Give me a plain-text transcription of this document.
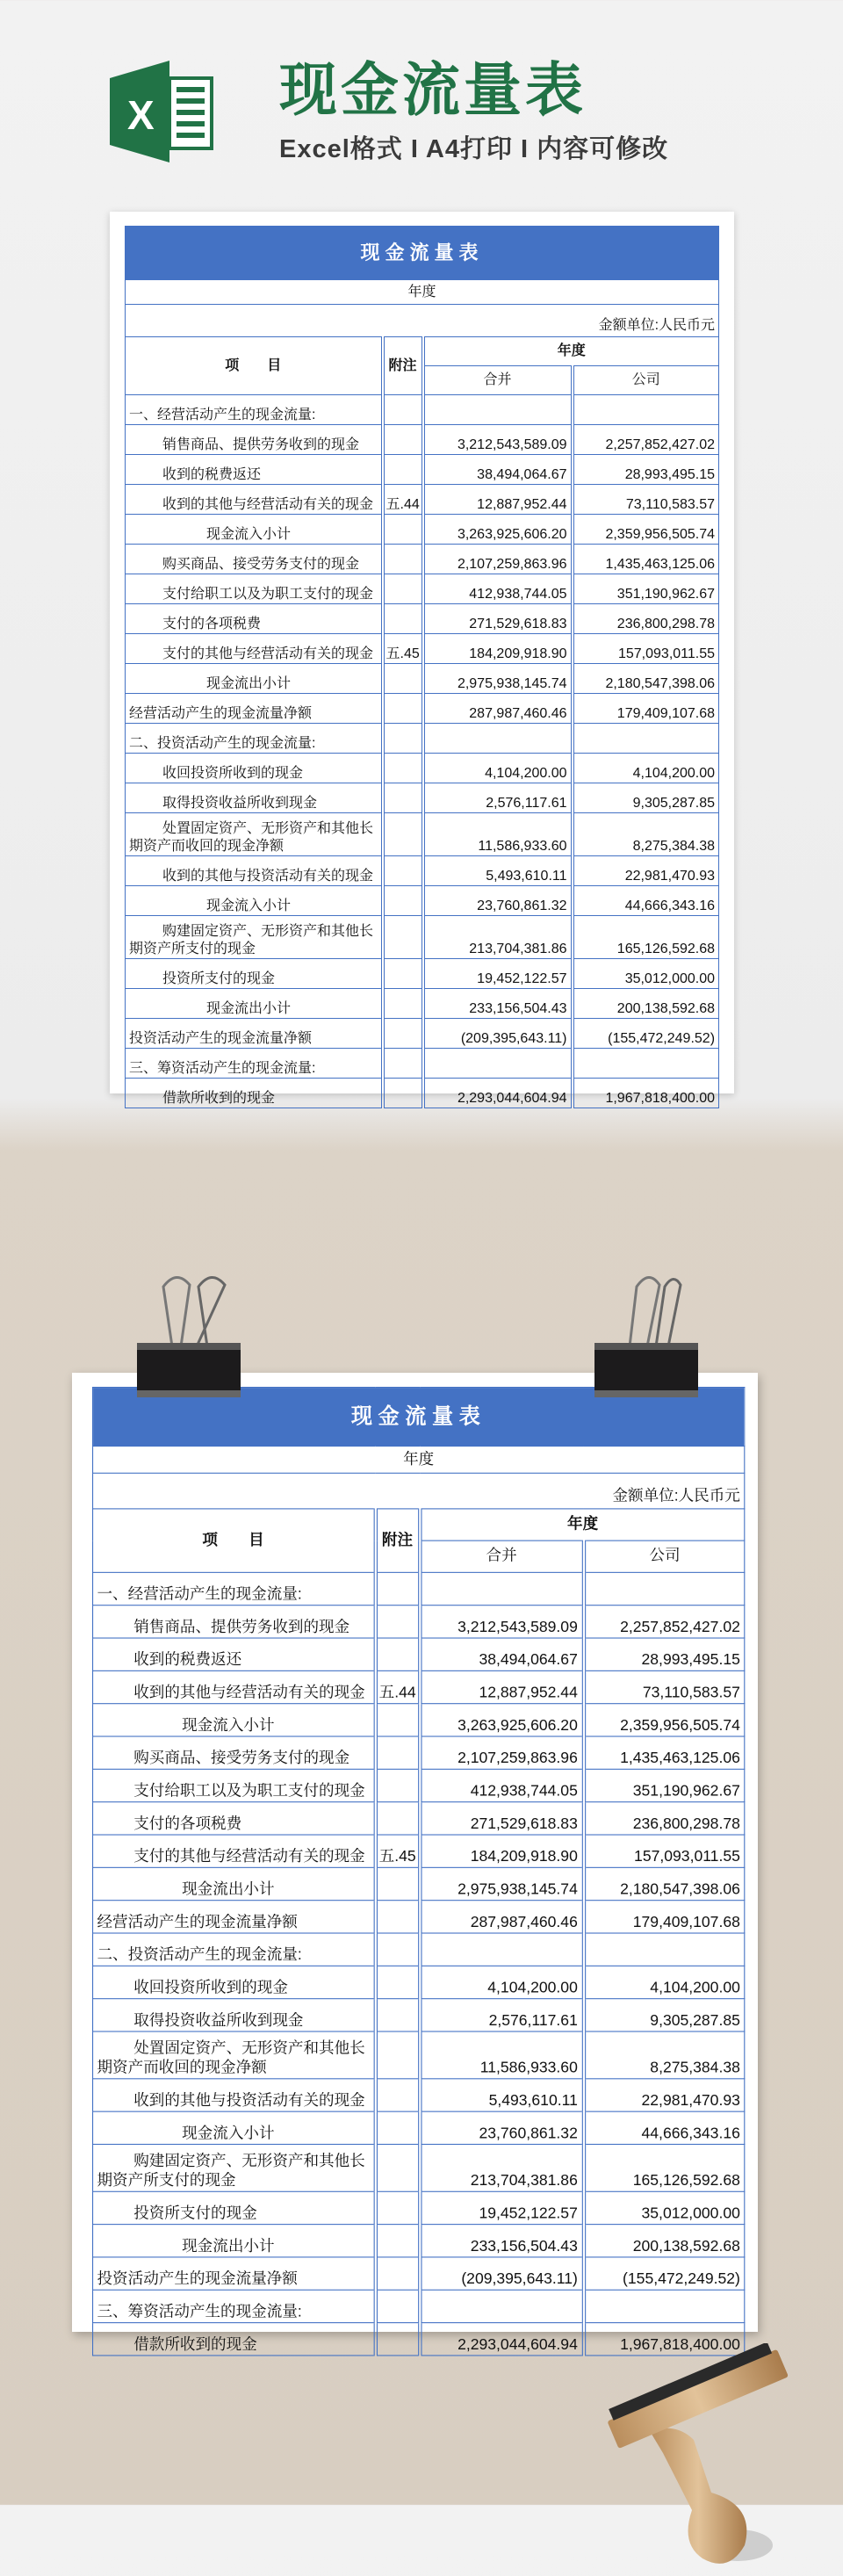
X 现金流量表
Excel格式 I A4打印 I 内容可修改
现金流量表			
年度			
金额单位:人民币元			
项　　目	附注	年度	
		合并	公司
一、经营活动产生的现金流量:			
销售商品、提供劳务收到的现金		3,212,543,589.09	2,257,852,427.02
收到的税费返还		38,494,064.67	28,993,495.15
收到的其他与经营活动有关的现金	五.44	12,887,952.44	73,110,583.57
现金流入小计		3,263,925,606.20	2,359,956,505.74
购买商品、接受劳务支付的现金		2,107,259,863.96	1,435,463,125.06
支付给职工以及为职工支付的现金		412,938,744.05	351,190,962.67
支付的各项税费		271,529,618.83	236,800,298.78
支付的其他与经营活动有关的现金	五.45	184,209,918.90	157,093,011.55
现金流出小计		2,975,938,145.74	2,180,547,398.06
经营活动产生的现金流量净额		287,987,460.46	179,409,107.68
二、投资活动产生的现金流量:			
收回投资所收到的现金		4,104,200.00	4,104,200.00
取得投资收益所收到现金		2,576,117.61	9,305,287.85
处置固定资产、无形资产和其他长期资产而收回的现金净额		11,586,933.60	8,275,384.38
收到的其他与投资活动有关的现金		5,493,610.11	22,981,470.93
现金流入小计		23,760,861.32	44,666,343.16
购建固定资产、无形资产和其他长期资产所支付的现金		213,704,381.86	165,126,592.68
投资所支付的现金		19,452,122.57	35,012,000.00
现金流出小计		233,156,504.43	200,138,592.68
投资活动产生的现金流量净额		(209,395,643.11)	(155,472,249.52)
三、筹资活动产生的现金流量:			
借款所收到的现金		2,293,044,604.94	1,967,818,400.00
现金流量表			
年度			
金额单位:人民币元			
项　　目	附注	年度	
		合并	公司
一、经营活动产生的现金流量:			
销售商品、提供劳务收到的现金		3,212,543,589.09	2,257,852,427.02
收到的税费返还		38,494,064.67	28,993,495.15
收到的其他与经营活动有关的现金	五.44	12,887,952.44	73,110,583.57
现金流入小计		3,263,925,606.20	2,359,956,505.74
购买商品、接受劳务支付的现金		2,107,259,863.96	1,435,463,125.06
支付给职工以及为职工支付的现金		412,938,744.05	351,190,962.67
支付的各项税费		271,529,618.83	236,800,298.78
支付的其他与经营活动有关的现金	五.45	184,209,918.90	157,093,011.55
现金流出小计		2,975,938,145.74	2,180,547,398.06
经营活动产生的现金流量净额		287,987,460.46	179,409,107.68
二、投资活动产生的现金流量:			
收回投资所收到的现金		4,104,200.00	4,104,200.00
取得投资收益所收到现金		2,576,117.61	9,305,287.85
处置固定资产、无形资产和其他长期资产而收回的现金净额		11,586,933.60	8,275,384.38
收到的其他与投资活动有关的现金		5,493,610.11	22,981,470.93
现金流入小计		23,760,861.32	44,666,343.16
购建固定资产、无形资产和其他长期资产所支付的现金		213,704,381.86	165,126,592.68
投资所支付的现金		19,452,122.57	35,012,000.00
现金流出小计		233,156,504.43	200,138,592.68
投资活动产生的现金流量净额		(209,395,643.11)	(155,472,249.52)
三、筹资活动产生的现金流量:			
借款所收到的现金		2,293,044,604.94	1,967,818,400.00
